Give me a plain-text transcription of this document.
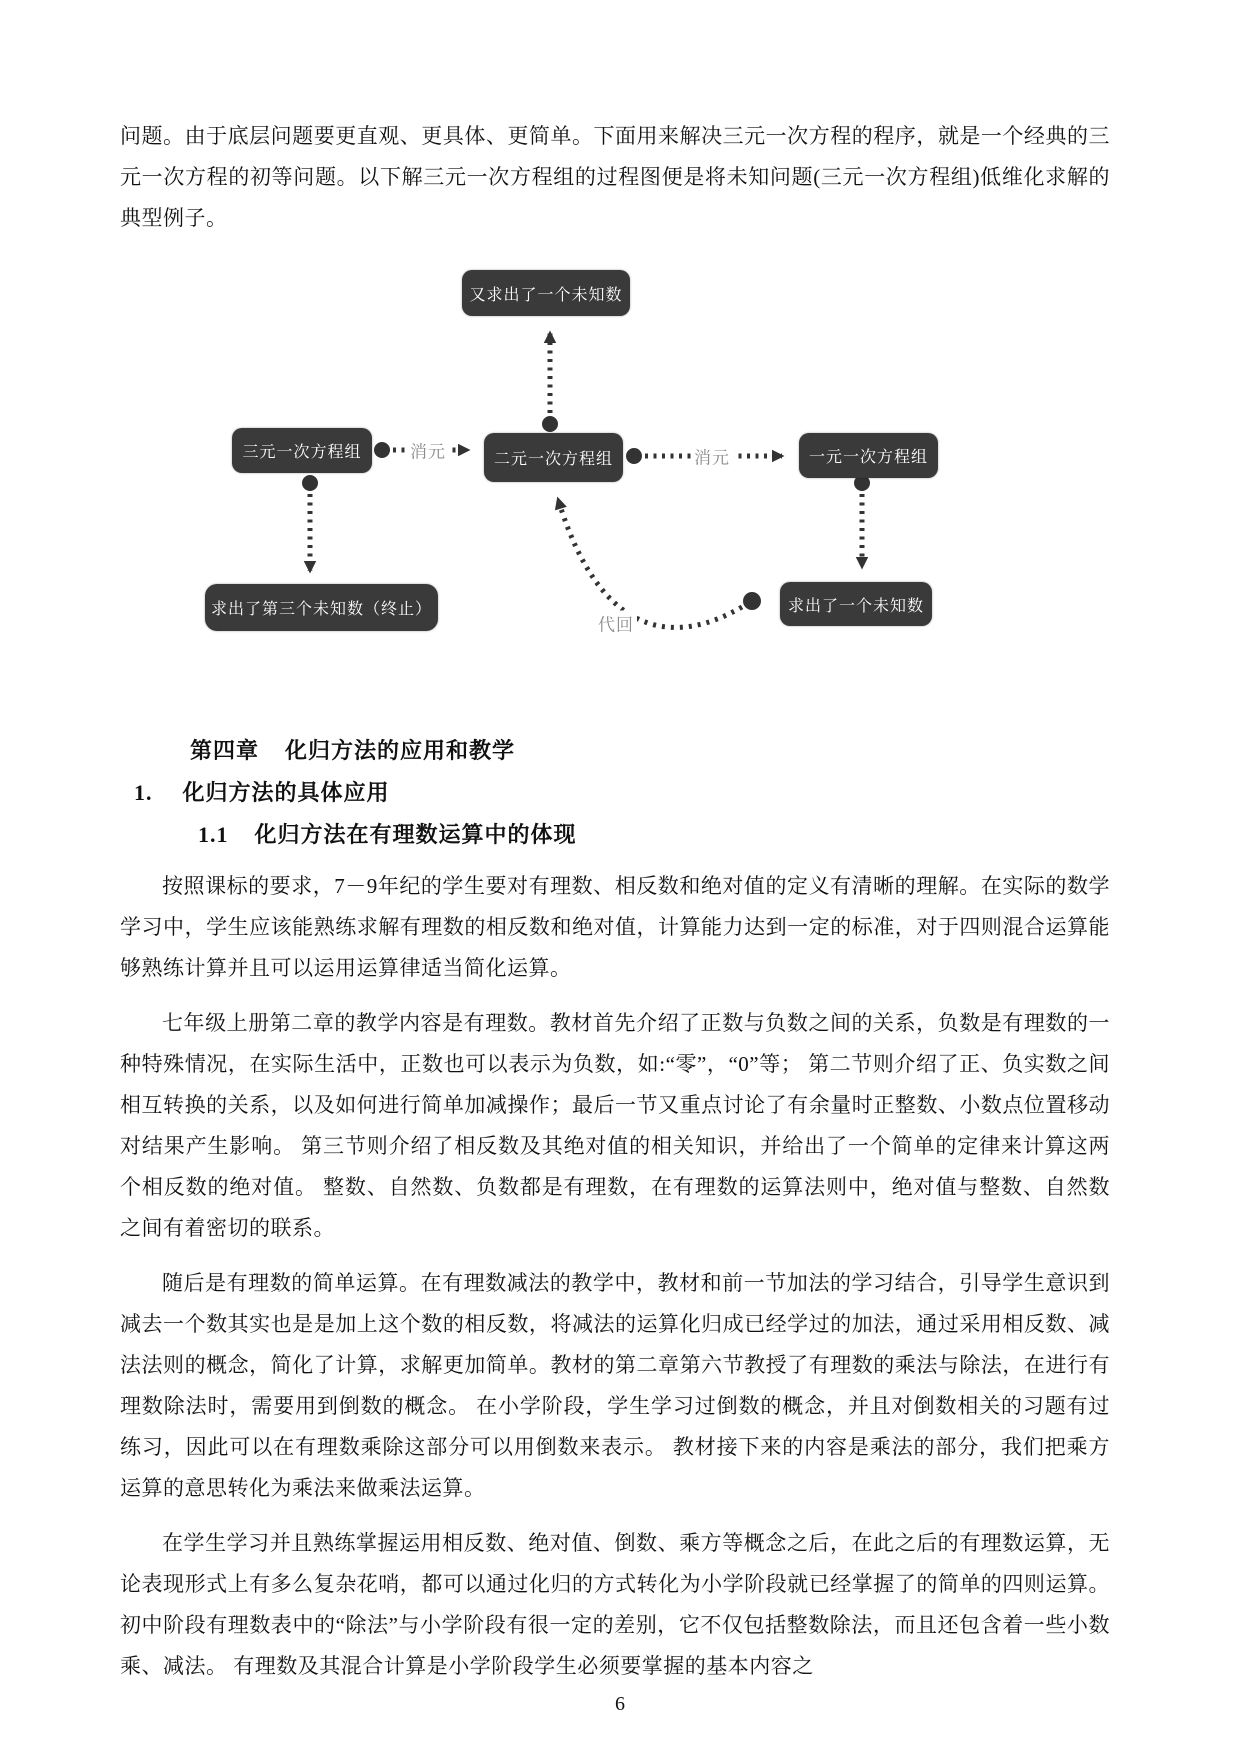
问题。由于底层问题要更直观、更具体、更简单。下面用来解决三元一次方程的程序，就是一个经典的三元一次方程的初等问题。以下解三元一次方程组的过程图便是将未知问题(三元一次方程组)低维化求解的典型例子。

又求出了一个未知数
三元一次方程组	二元一次方程组	一元一次方程组
求出了第三个未知数（终止）	求出了一个未知数
消元	消元
代回
第四章 化归方法的应用和教学
1. 化归方法的具体应用
1.1 化归方法在有理数运算中的体现

按照课标的要求，7－9年纪的学生要对有理数、相反数和绝对值的定义有清晰的理解。在实际的数学学习中，学生应该能熟练求解有理数的相反数和绝对值，计算能力达到一定的标准，对于四则混合运算能够熟练计算并且可以运用运算律适当简化运算。

七年级上册第二章的教学内容是有理数。教材首先介绍了正数与负数之间的关系，负数是有理数的一种特殊情况，在实际生活中，正数也可以表示为负数，如:“零”，“0”等； 第二节则介绍了正、负实数之间相互转换的关系，以及如何进行简单加减操作；最后一节又重点讨论了有余量时正整数、小数点位置移动对结果产生影响。 第三节则介绍了相反数及其绝对值的相关知识，并给出了一个简单的定律来计算这两个相反数的绝对值。 整数、自然数、负数都是有理数，在有理数的运算法则中，绝对值与整数、自然数之间有着密切的联系。

随后是有理数的简单运算。在有理数减法的教学中，教材和前一节加法的学习结合，引导学生意识到减去一个数其实也是是加上这个数的相反数，将减法的运算化归成已经学过的加法，通过采用相反数、减法法则的概念，简化了计算，求解更加简单。教材的第二章第六节教授了有理数的乘法与除法，在进行有理数除法时，需要用到倒数的概念。 在小学阶段，学生学习过倒数的概念，并且对倒数相关的习题有过练习，因此可以在有理数乘除这部分可以用倒数来表示。 教材接下来的内容是乘法的部分，我们把乘方运算的意思转化为乘法来做乘法运算。

在学生学习并且熟练掌握运用相反数、绝对值、倒数、乘方等概念之后，在此之后的有理数运算，无论表现形式上有多么复杂花哨，都可以通过化归的方式转化为小学阶段就已经掌握了的简单的四则运算。 初中阶段有理数表中的“除法”与小学阶段有很一定的差别，它不仅包括整数除法，而且还包含着一些小数乘、减法。 有理数及其混合计算是小学阶段学生必须要掌握的基本内容之

6
